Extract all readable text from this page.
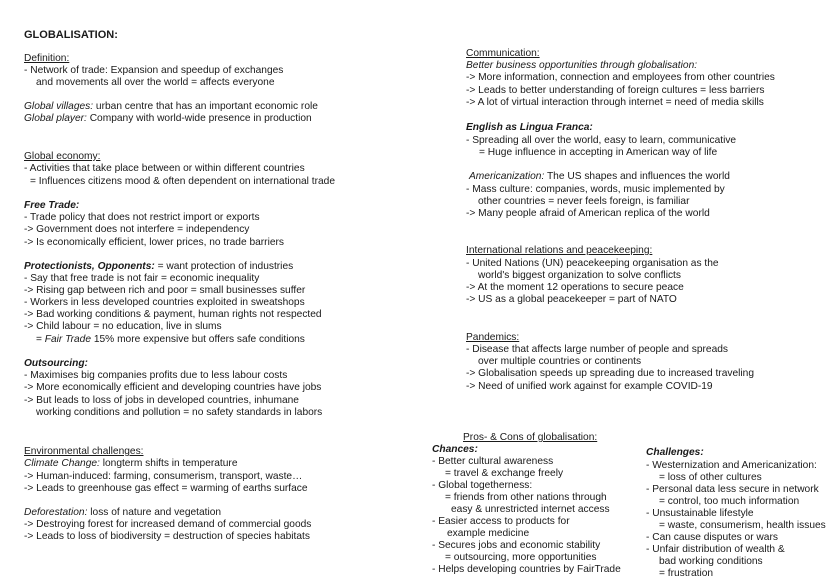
GLOBALISATION:
Definition:
- Network of trade: Expansion and speedup of exchanges
and movements all over the world = affects everyone
Global villages: urban centre that has an important economic role
Global player: Company with world-wide presence in production
Global economy:
- Activities that take place between or within different countries
= Influences citizens mood & often dependent on international trade
Free Trade:
- Trade policy that does not restrict import or exports
-> Government does not interfere = independency
-> Is economically efficient, lower prices, no trade barriers
Protectionists, Opponents: = want protection of industries
- Say that free trade is not fair = economic inequality
-> Rising gap between rich and poor = small businesses suffer
- Workers in less developed countries exploited in sweatshops
-> Bad working conditions & payment, human rights not respected
-> Child labour = no education, live in slums
= Fair Trade 15% more expensive but offers safe conditions
Outsourcing:
- Maximises big companies profits due to less labour costs
-> More economically efficient and developing countries have jobs
-> But leads to loss of jobs in developed countries, inhumane
working conditions and pollution = no safety standards in labors
Environmental challenges:
Climate Change: longterm shifts in temperature
-> Human-induced: farming, consumerism, transport, waste…
-> Leads to greenhouse gas effect = warming of earths surface
Deforestation: loss of nature and vegetation
-> Destroying forest for increased demand of commercial goods
-> Leads to loss of biodiversity = destruction of species habitats
Communication:
Better business opportunities through globalisation:
-> More information, connection and employees from other countries
-> Leads to better understanding of foreign cultures = less barriers
-> A lot of virtual interaction through internet = need of media skills
English as Lingua Franca:
- Spreading all over the world, easy to learn, communicative
= Huge influence in accepting in American way of life
Americanization: The US shapes and influences the world
- Mass culture: companies, words, music implemented by
other countries = never feels foreign, is familiar
-> Many people afraid of American replica of the world
International relations and peacekeeping:
- United Nations (UN) peacekeeping organisation as the
world's biggest organization to solve conflicts
-> At the moment 12 operations to secure peace
-> US as a global peacekeeper = part of NATO
Pandemics:
- Disease that affects large number of people and spreads
over multiple countries or continents
-> Globalisation speeds up spreading due to increased traveling
-> Need of unified work against for example COVID-19
Pros- & Cons of globalisation:
Chances:
- Better cultural awareness
= travel & exchange freely
- Global togetherness:
= friends from other nations through
easy & unrestricted internet access
- Easier access to products for
example medicine
- Secures jobs and economic stability
= outsourcing, more opportunities
- Helps developing countries by FairTrade
Challenges:
- Westernization and Americanization:
= loss of other cultures
- Personal data less secure in network
= control, too much information
- Unsustainable lifestyle
= waste, consumerism, health issues
- Can cause disputes or wars
- Unfair distribution of wealth &
bad working conditions
= frustration
